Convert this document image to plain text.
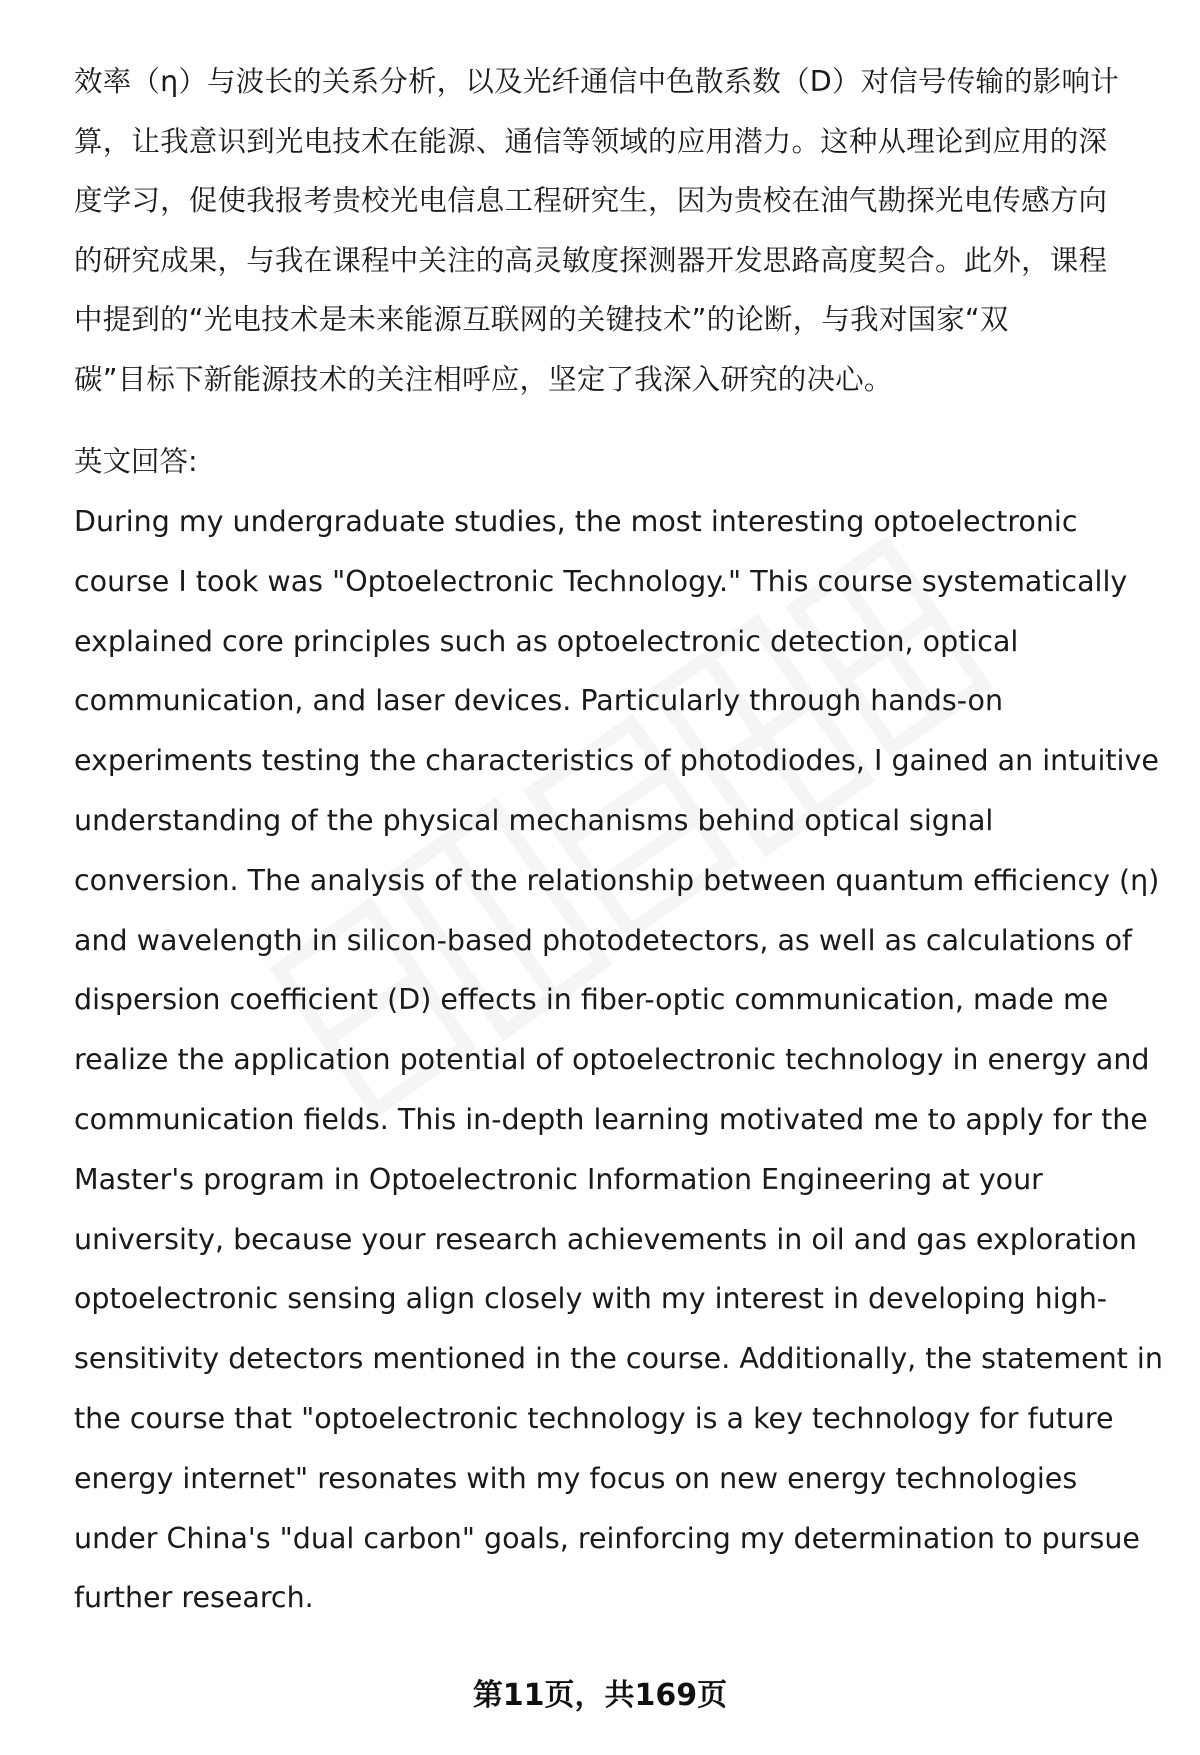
效率（η）与波长的关系分析，以及光纤通信中色散系数（D）对信号传输的影响计
算，让我意识到光电技术在能源、通信等领域的应用潜力。这种从理论到应用的深
度学习，促使我报考贵校光电信息工程研究生，因为贵校在油气勘探光电传感方向
的研究成果，与我在课程中关注的高灵敏度探测器开发思路高度契合。此外，课程
中提到的“光电技术是未来能源互联网的关键技术”的论断，与我对国家“双
碳”目标下新能源技术的关注相呼应，坚定了我深入研究的决心。

英文回答:

During my undergraduate studies, the most interesting optoelectronic
course I took was "Optoelectronic Technology." This course systematically
explained core principles such as optoelectronic detection, optical
communication, and laser devices. Particularly through hands-on
experiments testing the characteristics of photodiodes, I gained an intuitive
understanding of the physical mechanisms behind optical signal
conversion. The analysis of the relationship between quantum efficiency (η)
and wavelength in silicon-based photodetectors, as well as calculations of
dispersion coefficient (D) effects in fiber-optic communication, made me
realize the application potential of optoelectronic technology in energy and
communication fields. This in-depth learning motivated me to apply for the
Master's program in Optoelectronic Information Engineering at your
university, because your research achievements in oil and gas exploration
optoelectronic sensing align closely with my interest in developing high-
sensitivity detectors mentioned in the course. Additionally, the statement in
the course that "optoelectronic technology is a key technology for future
energy internet" resonates with my focus on new energy technologies
under China's "dual carbon" goals, reinforcing my determination to pursue
further research.

第11页，共169页
